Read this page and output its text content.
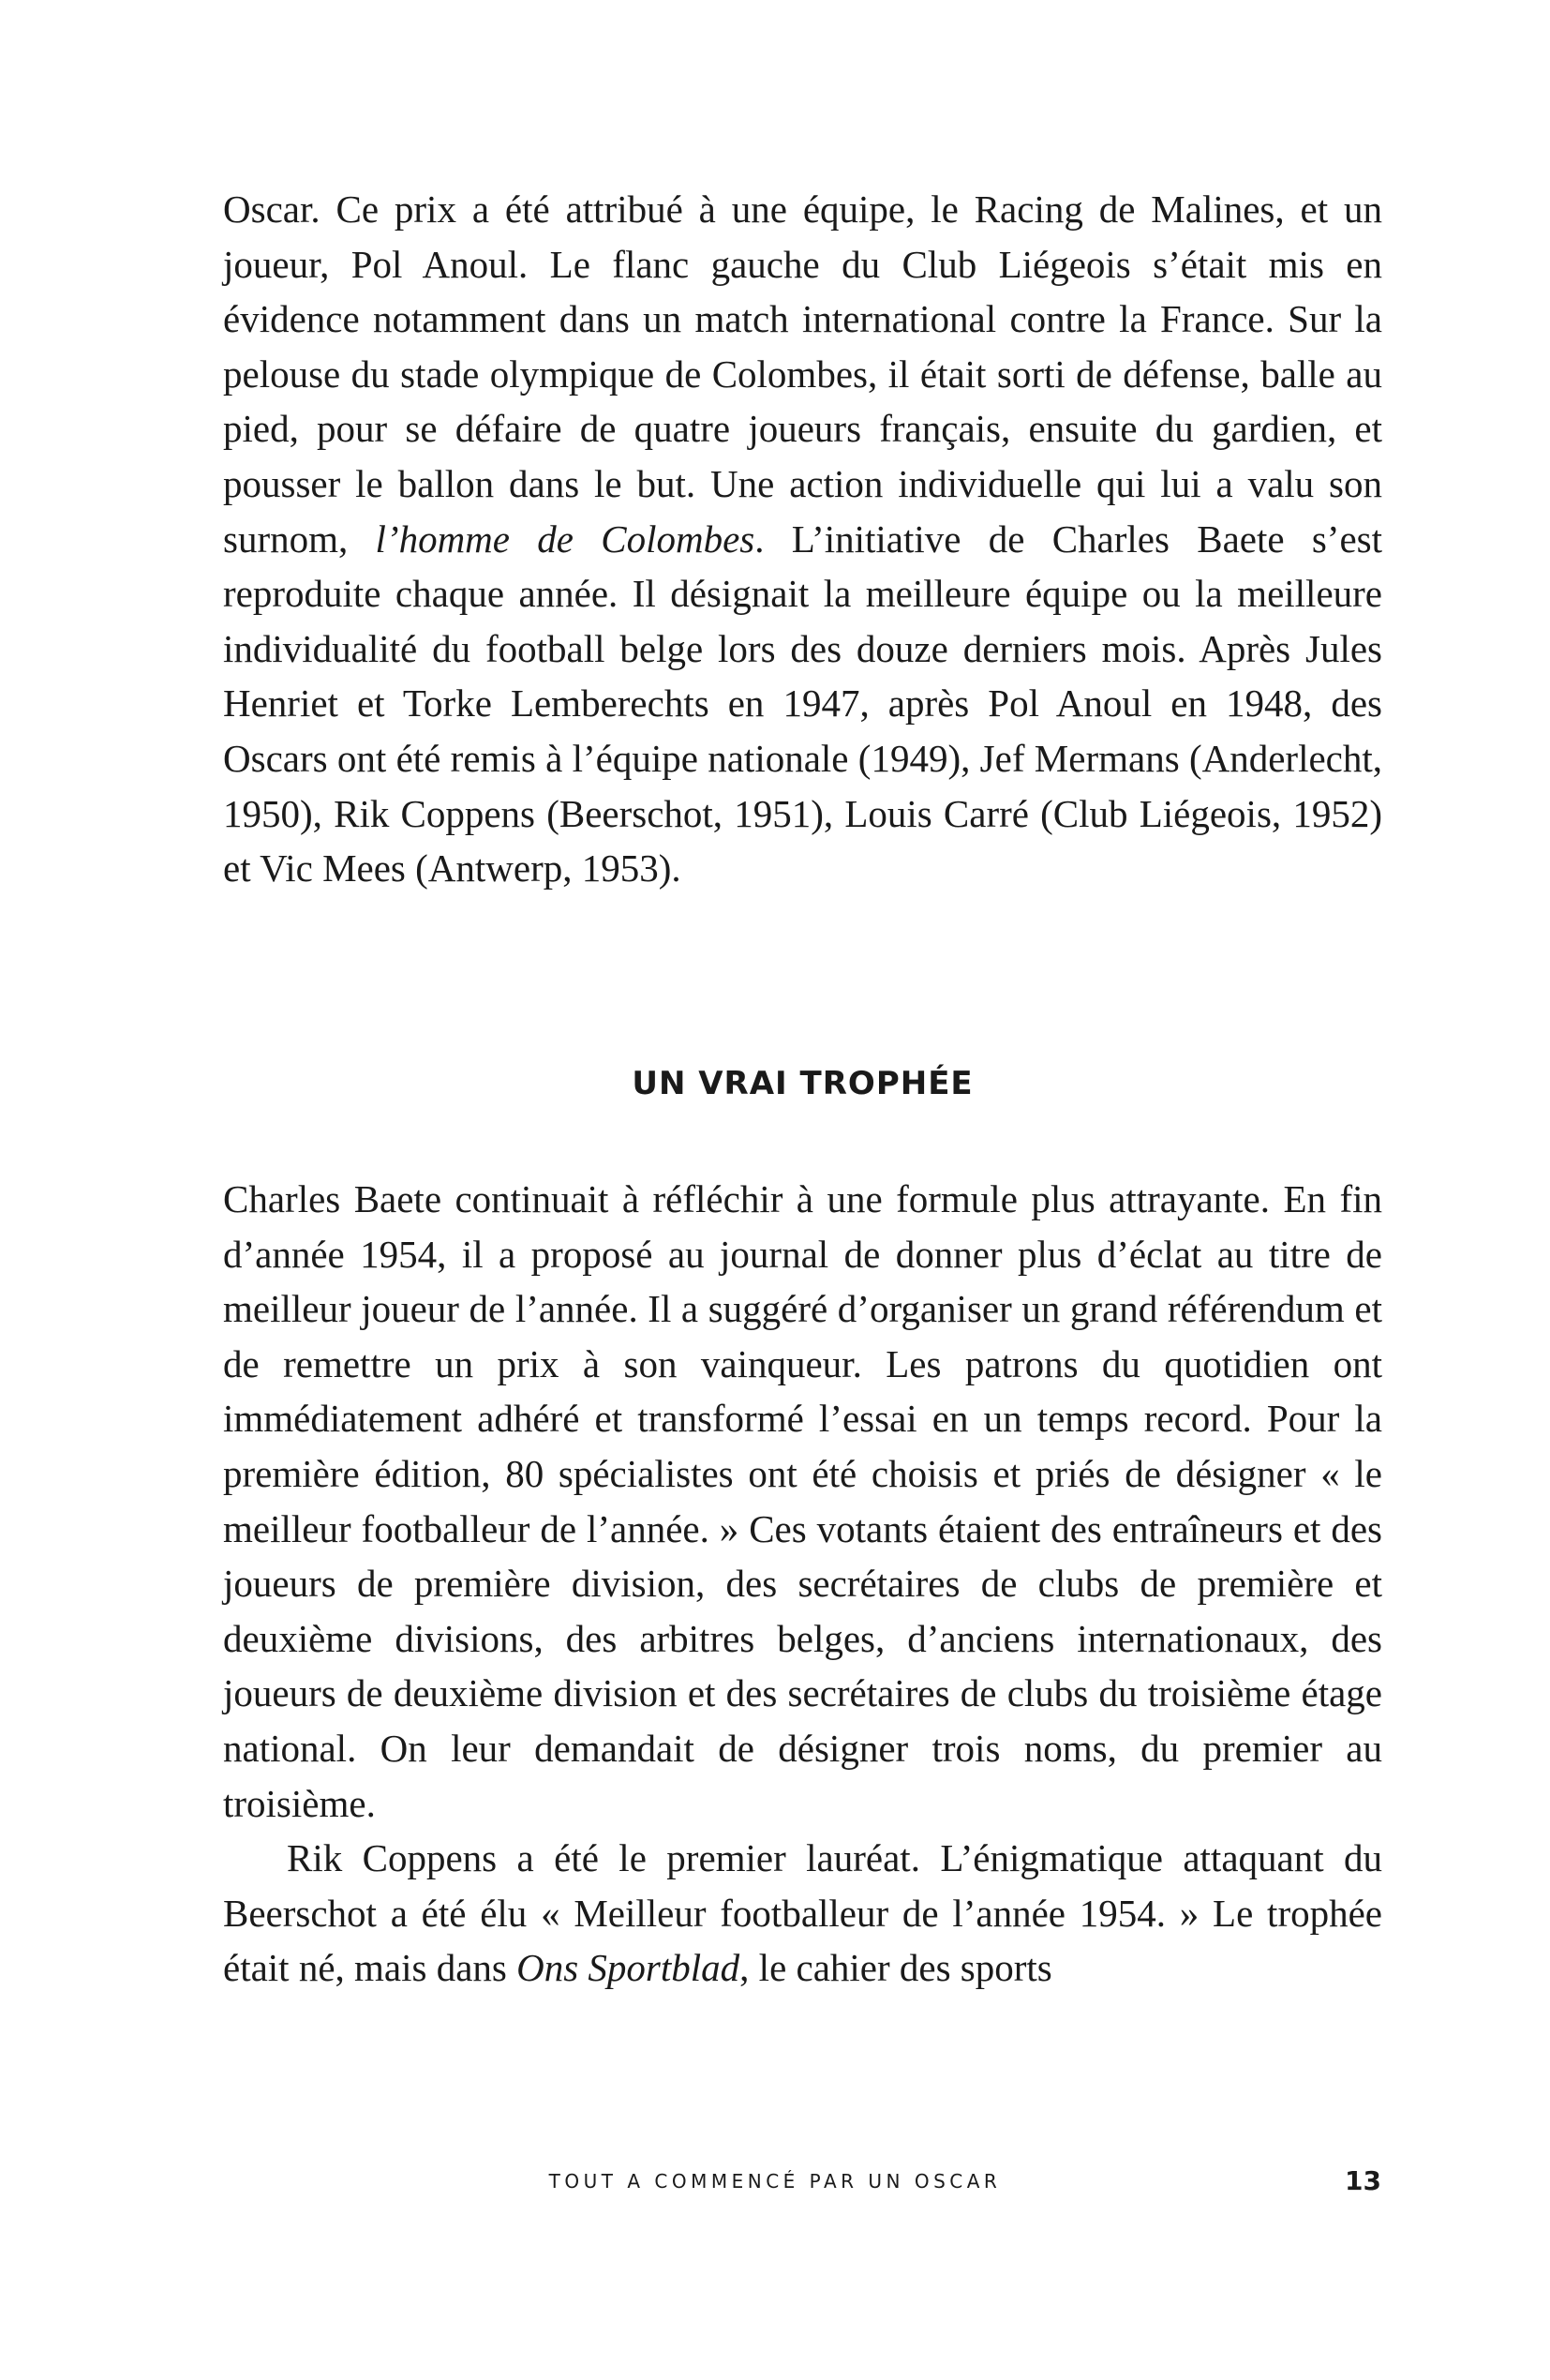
Oscar. Ce prix a été attribué à une équipe, le Racing de Malines, et un joueur, Pol Anoul. Le flanc gauche du Club Liégeois s’était mis en évidence notamment dans un match international contre la France. Sur la pelouse du stade olympique de Colombes, il était sorti de défense, balle au pied, pour se défaire de quatre joueurs français, ensuite du gardien, et pousser le ballon dans le but. Une action individuelle qui lui a valu son surnom, l’homme de Colombes. L’initiative de Charles Baete s’est reproduite chaque année. Il désignait la meilleure équipe ou la meilleure individualité du football belge lors des douze derniers mois. Après Jules Henriet et Torke Lemberechts en 1947, après Pol Anoul en 1948, des Oscars ont été remis à l’équipe nationale (1949), Jef Mermans (Anderlecht, 1950), Rik Coppens (Beerschot, 1951), Louis Carré (Club Liégeois, 1952) et Vic Mees (Antwerp, 1953).

UN VRAI TROPHÉE

Charles Baete continuait à réfléchir à une formule plus attrayante. En fin d’année 1954, il a proposé au journal de donner plus d’éclat au titre de meilleur joueur de l’année. Il a suggéré d’organiser un grand référendum et de remettre un prix à son vainqueur. Les patrons du quotidien ont immédiatement adhéré et transformé l’essai en un temps record. Pour la première édition, 80 spécialistes ont été choisis et priés de désigner « le meilleur footballeur de l’année. » Ces votants étaient des entraîneurs et des joueurs de première division, des secrétaires de clubs de première et deuxième divisions, des arbitres belges, d’anciens internationaux, des joueurs de deuxième division et des secrétaires de clubs du troisième étage national. On leur demandait de désigner trois noms, du premier au troisième.

Rik Coppens a été le premier lauréat. L’énigmatique attaquant du Beerschot a été élu « Meilleur footballeur de l’année 1954. » Le trophée était né, mais dans Ons Sportblad, le cahier des sports

TOUT A COMMENCÉ PAR UN OSCAR	13
